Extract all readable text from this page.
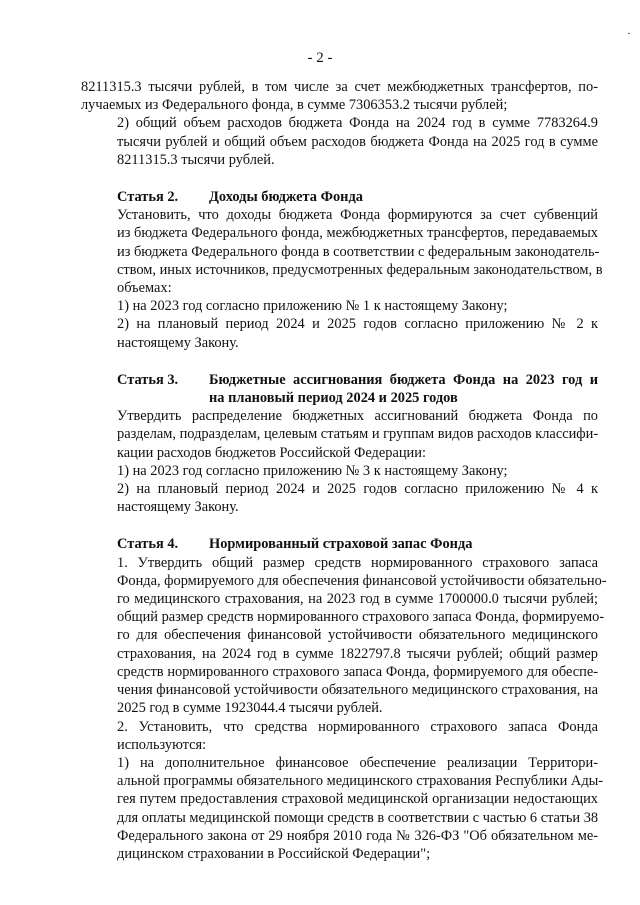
- 2 -
·

8211315.3 тысячи рублей, в том числе за счет межбюджетных трансфертов, по-
лучаемых из Федерального фонда, в сумме 7306353.2 тысячи рублей;

2) общий объем расходов бюджета Фонда на 2024 год в сумме 7783264.9
тысячи рублей и общий объем расходов бюджета Фонда на 2025 год в сумме
8211315.3 тысячи рублей.

Статья 2.	Доходы бюджета Фонда

Установить, что доходы бюджета Фонда формируются за счет субвенций
из бюджета Федерального фонда, межбюджетных трансфертов, передаваемых
из бюджета Федерального фонда в соответствии с федеральным законодатель-
ством, иных источников, предусмотренных федеральным законодательством, в
объемах:

1) на 2023 год согласно приложению № 1 к настоящему Закону;

2) на плановый период 2024 и 2025 годов согласно приложению № 2 к
настоящему Закону.

Статья 3.	Бюджетные ассигнования бюджета Фонда на 2023 год и
на плановый период 2024 и 2025 годов

Утвердить распределение бюджетных ассигнований бюджета Фонда по
разделам, подразделам, целевым статьям и группам видов расходов классифи-
кации расходов бюджетов Российской Федерации:

1) на 2023 год согласно приложению № 3 к настоящему Закону;

2) на плановый период 2024 и 2025 годов согласно приложению № 4 к
настоящему Закону.

Статья 4.	Нормированный страховой запас Фонда

1. Утвердить общий размер средств нормированного страхового запаса
Фонда, формируемого для обеспечения финансовой устойчивости обязательно-
го медицинского страхования, на 2023 год в сумме 1700000.0 тысячи рублей;
общий размер средств нормированного страхового запаса Фонда, формируемо-
го для обеспечения финансовой устойчивости обязательного медицинского
страхования, на 2024 год в сумме 1822797.8 тысячи рублей; общий размер
средств нормированного страхового запаса Фонда, формируемого для обеспе-
чения финансовой устойчивости обязательного медицинского страхования, на
2025 год в сумме 1923044.4 тысячи рублей.

2. Установить, что средства нормированного страхового запаса Фонда
используются:

1) на дополнительное финансовое обеспечение реализации Территори-
альной программы обязательного медицинского страхования Республики Ады-
гея путем предоставления страховой медицинской организации недостающих
для оплаты медицинской помощи средств в соответствии с частью 6 статьи 38
Федерального закона от 29 ноября 2010 года № 326-ФЗ "Об обязательном ме-
дицинском страховании в Российской Федерации";
